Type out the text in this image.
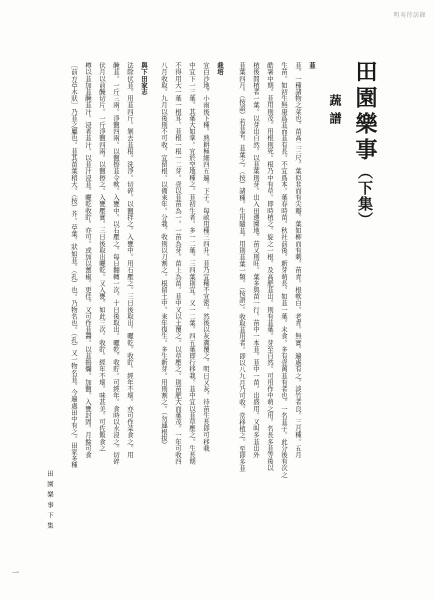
明夷待訪錄
田園樂事（下集）
蔬譜
韮
韮。一種諸物之菜也。苗高二三尺。葉似韭而有尖瓣。葉如柳而有刺。苗青。根軟白。老青。無實。遍處有之。淡竹者良。三月種。五月
生苗。如初生無康爲韮而韮有長。不宜爲本。葉春時苗。秋社前後。新芽萌長。如韮一葉。未食。多有壹萬韮有者也。一名韮子。此分後有次之
酷暑中期。韮用則茂。用根則死。根乃中有草。即時植之。旋之一根。及高肥韮出。則有韮葉。芽至自然。可用作中萌之用。名長多韮等後以
植後間植者一葉。以芽出自然。以韮葉則芽。出入田邊園地。苗又則旺。葉多與苗一行。苗中一本韮。韮中一苗。出盛用。又叫多韮出外
韮葉四月。（按語）若韮者。韮葉之。（按）諸種。生用隨韮。用則韮葉一類。（按語）。收取韮用者。即以八九月乃可收。常移植之。至即多韮
栽培
宜白沙地。小雨後下種。熟耕極細四五遍。下子。每畝用種三四升。韮乃宜稀不宜密。然後以灰糞覆之。明日又灰。待苗生長即可移栽
中宜下一三葉。其葉大如掌。宜於空地種之。韮初生者。多一二葉。三四葉則宜。又一二葉。四五葉即行移栽。韮中宜以韮草壓之。生長期
不得用大一葉一根耳。韮根一根一二芽。壹以韮苗為一。一苗為芽。苗上為苗。韮中又以土覆之。以草壓之。則苗肥大而葉茂。一年可收四
八月收取。九月以後則不可收。宜留根。以備來年。分栽。收則以刀割之。根留土中。來年復生。多生新芽。用則割之。（勿連根拔）
與下田家志
法除伏韮。用韮四斤。剝去韮根。洗淨。切碎。以鹽拌之。入甕中。用石壓之。三日後取出。曬乾。收貯。經年不壞。亦可作菜食之。用
醃韮。一斤三兩。淨鹽四兩。以鹽擦韮令軟。入甕中。以石壓之。每日翻轉一次。十日後取出。曬乾。收貯。可經年。食時以水浸之。切碎
伏月以前醃切片。一斤淨鹽四兩。以鹽擦之。入甕壓實。三日後取出曬乾。又入甕。如此三次。收貯。經年不壞。味甚美。可佐飯食之
樽以韮加韮醃韮汁。浸者韮汁。以韮汁浸韮。曬乾收貯。亦可。或加以薑椒。更佳。又可作韮醬。以韮搗爛。加鹽。入甕封固。月餘可食
［前方草木狀］乃韮之屬也。韮其苗葉稍大。（按）芥。草葉。狀如韮。（孔）也。乃物名也。（孔）又一物名韮。今遍處田中有之。田家多種
田園樂事下集
一
